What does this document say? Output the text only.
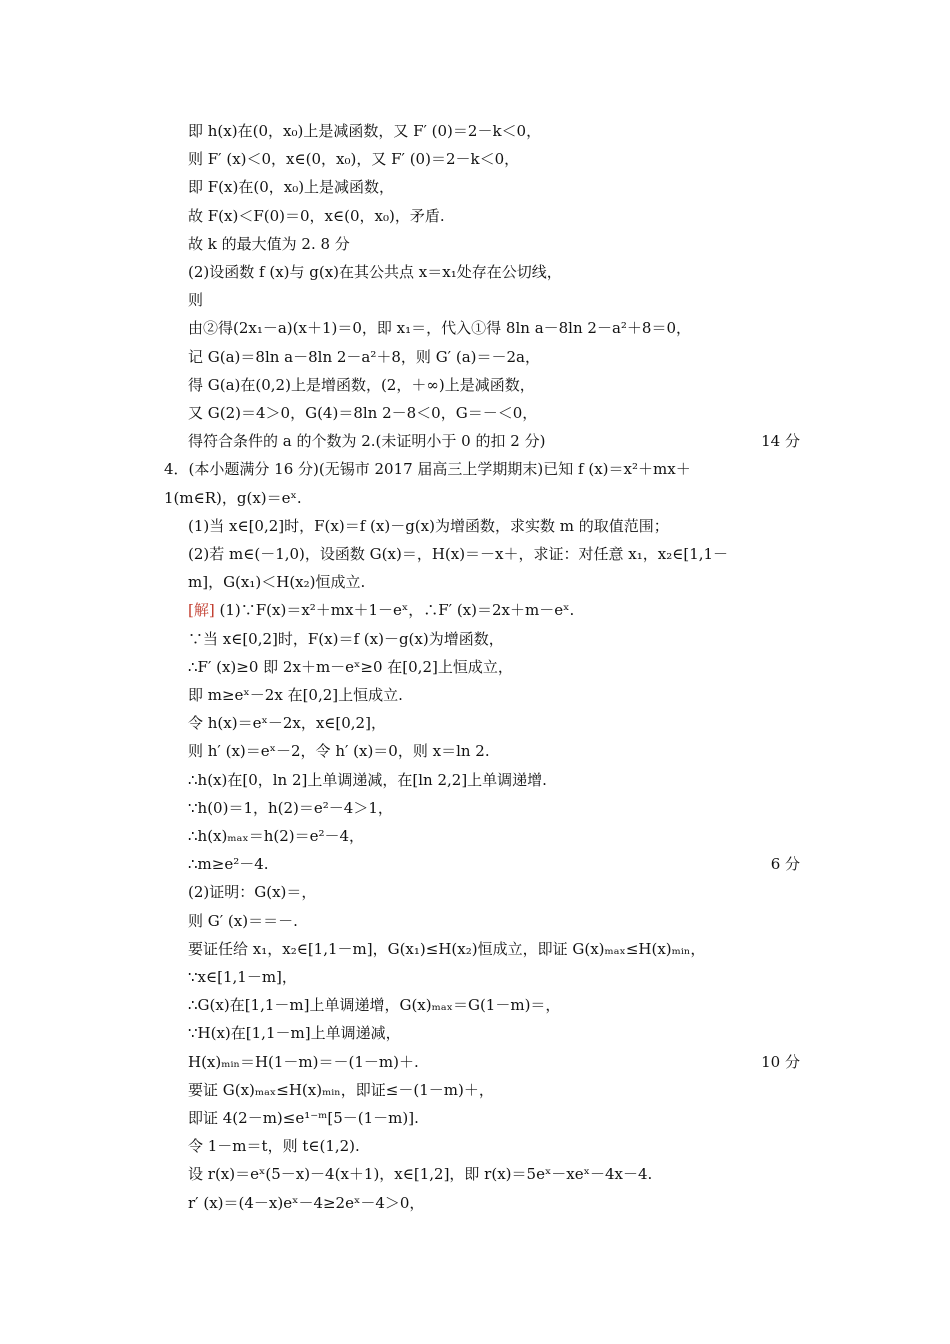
即 h(x)在(0，x₀)上是减函数，又 F′ (0)＝2－k＜0，
则 F′ (x)＜0，x∈(0，x₀)，又 F′ (0)＝2－k＜0，
即 F(x)在(0，x₀)上是减函数，
故 F(x)＜F(0)＝0，x∈(0，x₀)，矛盾.
故 k 的最大值为 2. 8 分
(2)设函数 f (x)与 g(x)在其公共点 x＝x₁处存在公切线，
则
由②得(2x₁－a)(x＋1)＝0，即 x₁＝，代入①得 8ln a－8ln 2－a²＋8＝0，
记 G(a)＝8ln a－8ln 2－a²＋8，则 G′ (a)＝－2a，
得 G(a)在(0,2)上是增函数，(2，＋∞)上是减函数，
又 G(2)＝4＞0，G(4)＝8ln 2－8＜0，G＝－＜0，
得符合条件的 a 的个数为 2.(未证明小于 0 的扣 2 分)	14 分
4．(本小题满分 16 分)(无锡市 2017 届高三上学期期末)已知 f (x)＝x²＋mx＋
1(m∈R)，g(x)＝eˣ.
(1)当 x∈[0,2]时，F(x)＝f (x)－g(x)为增函数，求实数 m 的取值范围；
(2)若 m∈(－1,0)，设函数 G(x)＝，H(x)＝－x＋，求证：对任意 x₁，x₂∈[1,1－
m]，G(x₁)＜H(x₂)恒成立.
[解] (1)∵F(x)＝x²＋mx＋1－eˣ，∴F′ (x)＝2x＋m－eˣ.
∵当 x∈[0,2]时，F(x)＝f (x)－g(x)为增函数，
∴F′ (x)≥0 即 2x＋m－eˣ≥0 在[0,2]上恒成立，
即 m≥eˣ－2x 在[0,2]上恒成立.
令 h(x)＝eˣ－2x，x∈[0,2]，
则 h′ (x)＝eˣ－2，令 h′ (x)＝0，则 x＝ln 2.
∴h(x)在[0，ln 2]上单调递减，在[ln 2,2]上单调递增.
∵h(0)＝1，h(2)＝e²－4＞1，
∴h(x)ₘₐₓ＝h(2)＝e²－4，
∴m≥e²－4.	6 分
(2)证明：G(x)＝，
则 G′ (x)＝＝－.
要证任给 x₁，x₂∈[1,1－m]，G(x₁)≤H(x₂)恒成立，即证 G(x)ₘₐₓ≤H(x)ₘᵢₙ，
∵x∈[1,1－m]，
∴G(x)在[1,1－m]上单调递增，G(x)ₘₐₓ＝G(1－m)＝，
∵H(x)在[1,1－m]上单调递减，
H(x)ₘᵢₙ＝H(1－m)＝－(1－m)＋.	10 分
要证 G(x)ₘₐₓ≤H(x)ₘᵢₙ，即证≤－(1－m)＋，
即证 4(2－m)≤e¹⁻ᵐ[5－(1－m)].
令 1－m＝t，则 t∈(1,2).
设 r(x)＝eˣ(5－x)－4(x＋1)，x∈[1,2]，即 r(x)＝5eˣ－xeˣ－4x－4.
r′ (x)＝(4－x)eˣ－4≥2eˣ－4＞0，
